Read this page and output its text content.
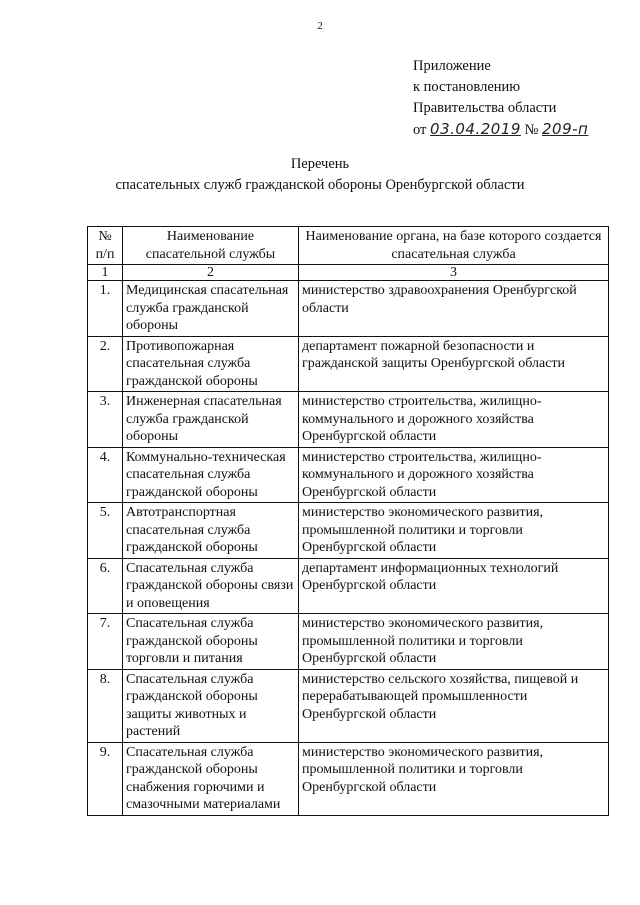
2
Приложение
к постановлению
Правительства области
от 03.04.2019 № 209-п
Перечень
спасательных служб гражданской обороны Оренбургской области
№ п/п	Наименование спасательной службы	Наименование органа, на базе которого создается спасательная служба
1	2	3
1.	Медицинская спасательная служба гражданской обороны	министерство здравоохранения Оренбургской области
2.	Противопожарная спасательная служба гражданской обороны	департамент пожарной безопасности и гражданской защиты Оренбургской области
3.	Инженерная спасательная служба гражданской обороны	министерство строительства, жилищно-коммунального и дорожного хозяйства Оренбургской области
4.	Коммунально-техническая спасательная служба гражданской обороны	министерство строительства, жилищно-коммунального и дорожного хозяйства Оренбургской области
5.	Автотранспортная спасательная служба гражданской обороны	министерство экономического развития, промышленной политики и торговли Оренбургской области
6.	Спасательная служба гражданской обороны связи и оповещения	департамент информационных технологий Оренбургской области
7.	Спасательная служба гражданской обороны торговли и питания	министерство экономического развития, промышленной политики и торговли Оренбургской области
8.	Спасательная служба гражданской обороны защиты животных и растений	министерство сельского хозяйства, пищевой и перерабатывающей промышленности Оренбургской области
9.	Спасательная служба гражданской обороны снабжения горючими и смазочными материалами	министерство экономического развития, промышленной политики и торговли Оренбургской области
